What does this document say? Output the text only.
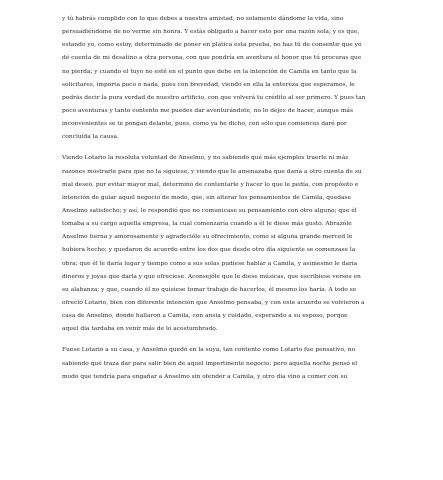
y tú habrás cumplido con lo que debes a nuestra amistad, no solamente dándome la vida, sino
persuadiéndome de no verme sin honra. Y estás obligado a hacer esto por una razón sola; y es que,
estando yo, como estoy, determinado de poner en plática esta prueba, no has tú de consentir que yo
dé cuenta de mi desatino a otra persona, con que pondría en aventura el honor que tú procuras que
no pierda; y cuando el tuyo no esté en el punto que debe en la intención de Camila en tanto que la
solicitares, importa poco o nada, pues con brevedad, viendo en ella la entereza que esperamos, le
podrás decir la pura verdad de nuestro artificio, con que volverá tu crédito al ser primero. Y pues tan
poco aventuras y tanto contento me puedes dar aventurándote, no lo dejes de hacer, aunque más
inconvenientes se te pongan delante, pues, como ya he dicho, con sólo que comiences daré por
concluida la causa.
Viendo Lotario la resoluta voluntad de Anselmo, y no sabiendo qué más ejemplos traerle ni más
razones mostrarle para que no la siguiese, y viendo que le amenazaba que daría a otro cuenta de su
mal deseo, por evitar mayor mal, determinó de contentarle y hacer lo que le pedía, con propósito e
intención de guiar aquel negocio de modo, que, sin alterar los pensamientos de Camila, quedase
Anselmo satisfecho; y así, le respondió que no comunicase su pensamiento con otro alguno; que él
tomaba a su cargo aquella empresa, la cual comenzaría cuando a él le diese más gusto. Abrazóle
Anselmo tierna y amorosamente y agradecióle su ofrecimiento, como si alguna grande merced le
hubiera hecho; y quedaron de acuerdo entre los dos que desde otro día siguiente se comenzase la
obra; que él le daría lugar y tiempo como a sus solas pudiese hablar a Camila, y asimesmo le daría
dineros y joyas que darla y que ofreciese. Aconsejóle que le diese músicas, que escribiese versos en
su alabanza; y que, cuando él no quisiese tomar trabajo de hacerlos, él mesmo los haría. A todo se
ofreció Lotario, bien con diferente intención que Anselmo pensaba, y con este acuerdo se volvieron a
casa de Anselmo, donde hallaron a Camila, con ansia y cuidado, esperando a su esposo, porque
aquel día tardaba en venir más de lo acostumbrado.
Fuese Lotario a su casa, y Anselmo quedó en la suya, tan contento como Lotario fue pensativo, no
sabiendo qué traza dar para salir bien de aquel impertinente negocio; pero aquella noche pensó el
modo que tendría para engañar a Anselmo sin ofender a Camila, y otro día vino a comer con su
